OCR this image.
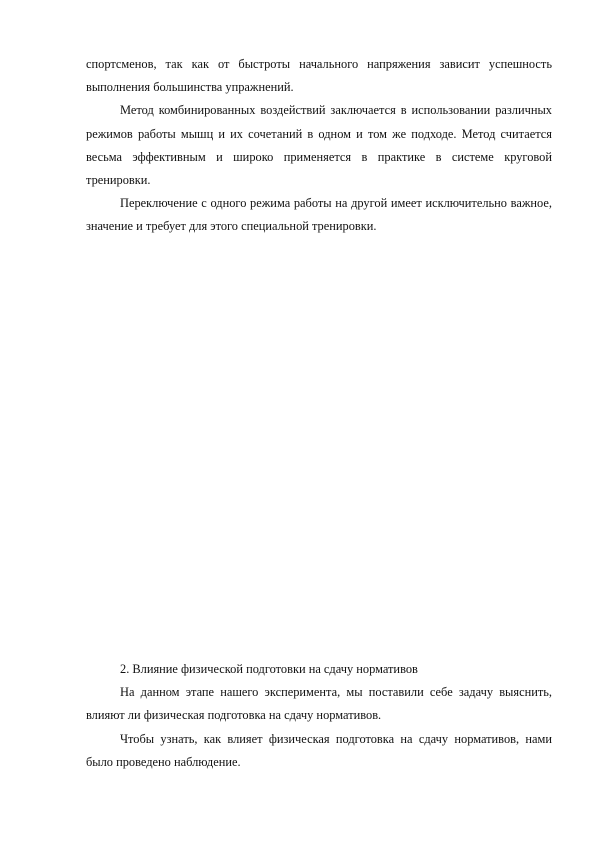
спортсменов, так как от быстроты начального напряжения зависит успешность выполнения большинства упражнений.

Метод комбинированных воздействий заключается в использовании различных режимов работы мышц и их сочетаний в одном и том же подходе. Метод считается весьма эффективным и широко применяется в практике в системе круговой тренировки.

Переключение с одного режима работы на другой имеет исключительно важное, значение и требует для этого специальной тренировки.

2. Влияние физической подготовки на сдачу нормативов

На данном этапе нашего эксперимента, мы поставили себе задачу выяснить, влияют ли физическая подготовка на сдачу нормативов.

Чтобы узнать, как влияет физическая подготовка на сдачу нормативов, нами было проведено наблюдение.
